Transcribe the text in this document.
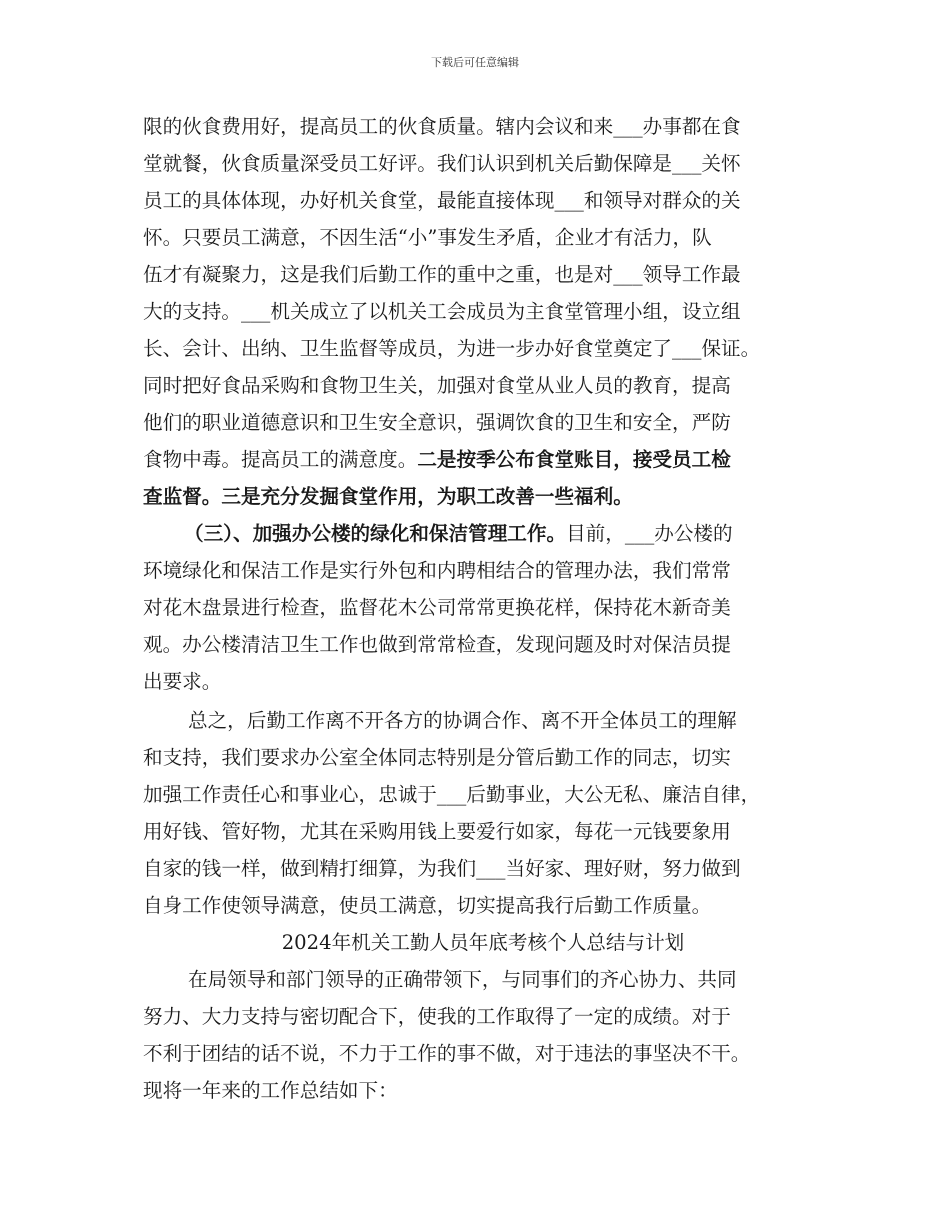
下载后可任意编辑
限的伙食费用好，提高员工的伙食质量。辖内会议和来___办事都在食
堂就餐，伙食质量深受员工好评。我们认识到机关后勤保障是___关怀
员工的具体体现，办好机关食堂，最能直接体现___和领导对群众的关
怀。只要员工满意，不因生活“小”事发生矛盾，企业才有活力，队
伍才有凝聚力，这是我们后勤工作的重中之重，也是对___领导工作最
大的支持。___机关成立了以机关工会成员为主食堂管理小组，设立组
长、会计、出纳、卫生监督等成员，为进一步办好食堂奠定了___保证。
同时把好食品采购和食物卫生关，加强对食堂从业人员的教育，提高
他们的职业道德意识和卫生安全意识，强调饮食的卫生和安全，严防
食物中毒。提高员工的满意度。二是按季公布食堂账目，接受员工检
查监督。三是充分发掘食堂作用，为职工改善一些福利。
（三）、加强办公楼的绿化和保洁管理工作。目前，___办公楼的
环境绿化和保洁工作是实行外包和内聘相结合的管理办法，我们常常
对花木盘景进行检查，监督花木公司常常更换花样，保持花木新奇美
观。办公楼清洁卫生工作也做到常常检查，发现问题及时对保洁员提
出要求。
总之，后勤工作离不开各方的协调合作、离不开全体员工的理解
和支持，我们要求办公室全体同志特别是分管后勤工作的同志，切实
加强工作责任心和事业心，忠诚于___后勤事业，大公无私、廉洁自律，
用好钱、管好物，尤其在采购用钱上要爱行如家，每花一元钱要象用
自家的钱一样，做到精打细算，为我们___当好家、理好财，努力做到
自身工作使领导满意，使员工满意，切实提高我行后勤工作质量。
2024年机关工勤人员年底考核个人总结与计划
在局领导和部门领导的正确带领下，与同事们的齐心协力、共同
努力、大力支持与密切配合下，使我的工作取得了一定的成绩。对于
不利于团结的话不说，不力于工作的事不做，对于违法的事坚决不干。
现将一年来的工作总结如下：
